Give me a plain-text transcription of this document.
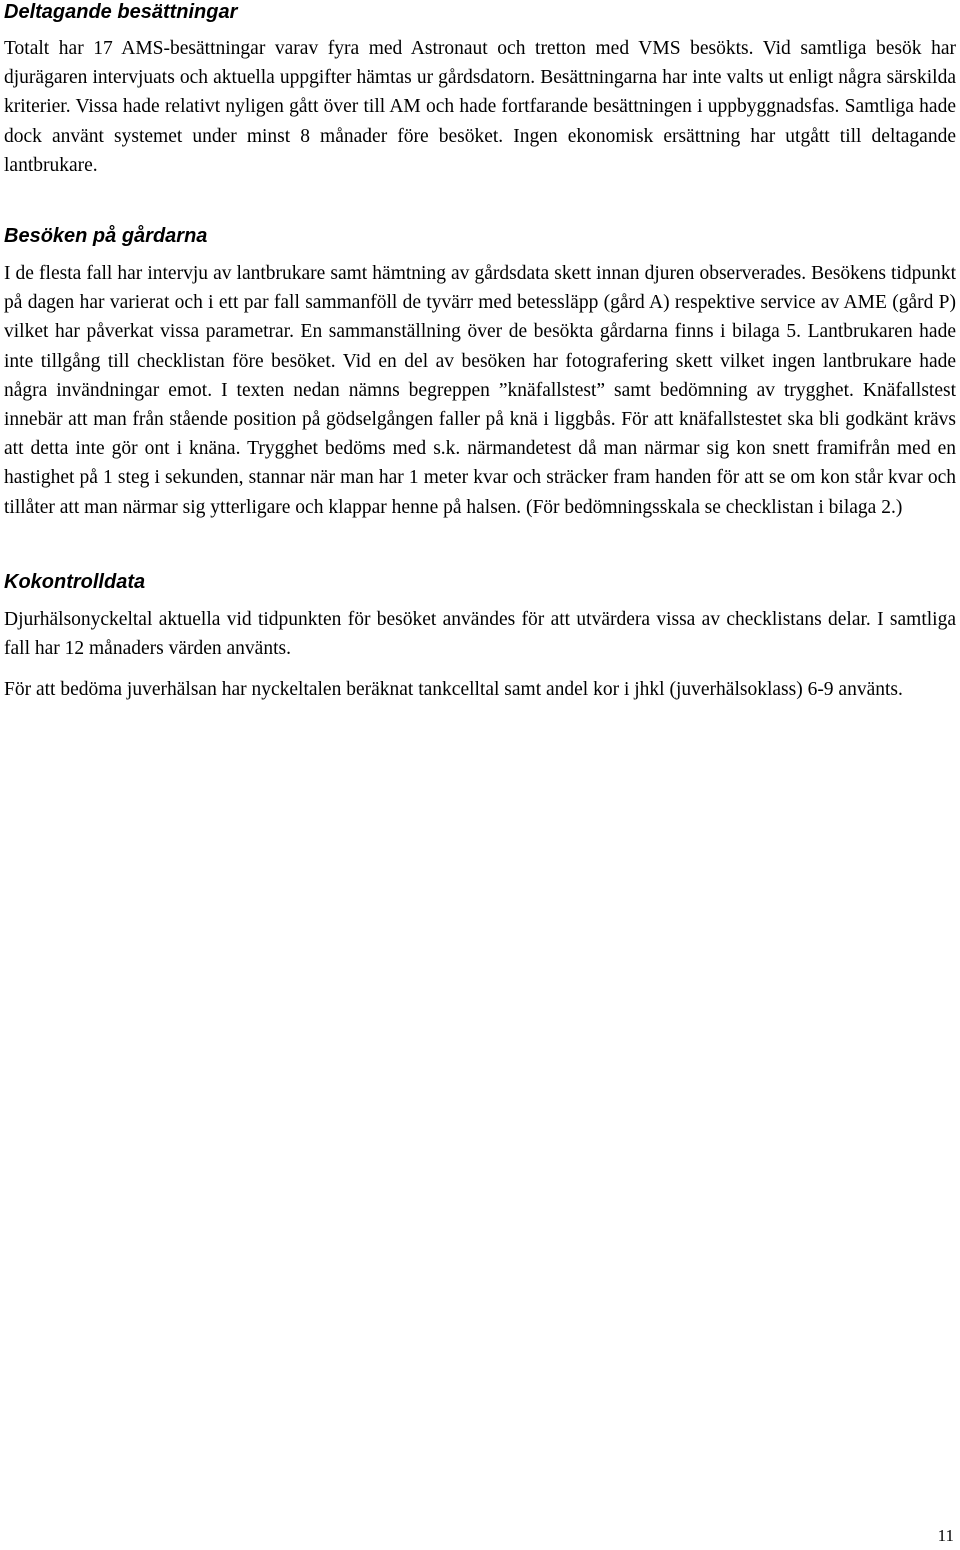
Deltagande besättningar

Totalt har 17 AMS-besättningar varav fyra med Astronaut och tretton med VMS besökts. Vid samtliga besök har djurägaren intervjuats och aktuella uppgifter hämtas ur gårdsdatorn. Besättningarna har inte valts ut enligt några särskilda kriterier. Vissa hade relativt nyligen gått över till AM och hade fortfarande besättningen i uppbyggnadsfas. Samtliga hade dock använt systemet under minst 8 månader före besöket. Ingen ekonomisk ersättning har utgått till deltagande lantbrukare.

Besöken på gårdarna

I de flesta fall har intervju av lantbrukare samt hämtning av gårdsdata skett innan djuren observerades. Besökens tidpunkt på dagen har varierat och i ett par fall sammanföll de tyvärr med betessläpp (gård A) respektive service av AME (gård P) vilket har påverkat vissa parametrar. En sammanställning över de besökta gårdarna finns i bilaga 5. Lantbrukaren hade inte tillgång till checklistan före besöket. Vid en del av besöken har fotografering skett vilket ingen lantbrukare hade några invändningar emot. I texten nedan nämns begreppen ”knäfallstest” samt bedömning av trygghet. Knäfallstest innebär att man från stående position på gödselgången faller på knä i liggbås. För att knäfallstestet ska bli godkänt krävs att detta inte gör ont i knäna. Trygghet bedöms med s.k. närmandetest då man närmar sig kon snett framifrån med en hastighet på 1 steg i sekunden, stannar när man har 1 meter kvar och sträcker fram handen för att se om kon står kvar och tillåter att man närmar sig ytterligare och klappar henne på halsen. (För bedömningsskala se checklistan i bilaga 2.)

Kokontrolldata

Djurhälsonyckeltal aktuella vid tidpunkten för besöket användes för att utvärdera vissa av checklistans delar. I samtliga fall har 12 månaders värden använts.

För att bedöma juverhälsan har nyckeltalen beräknat tankcelltal samt andel kor i jhkl (juverhälsoklass) 6-9 använts.

11
